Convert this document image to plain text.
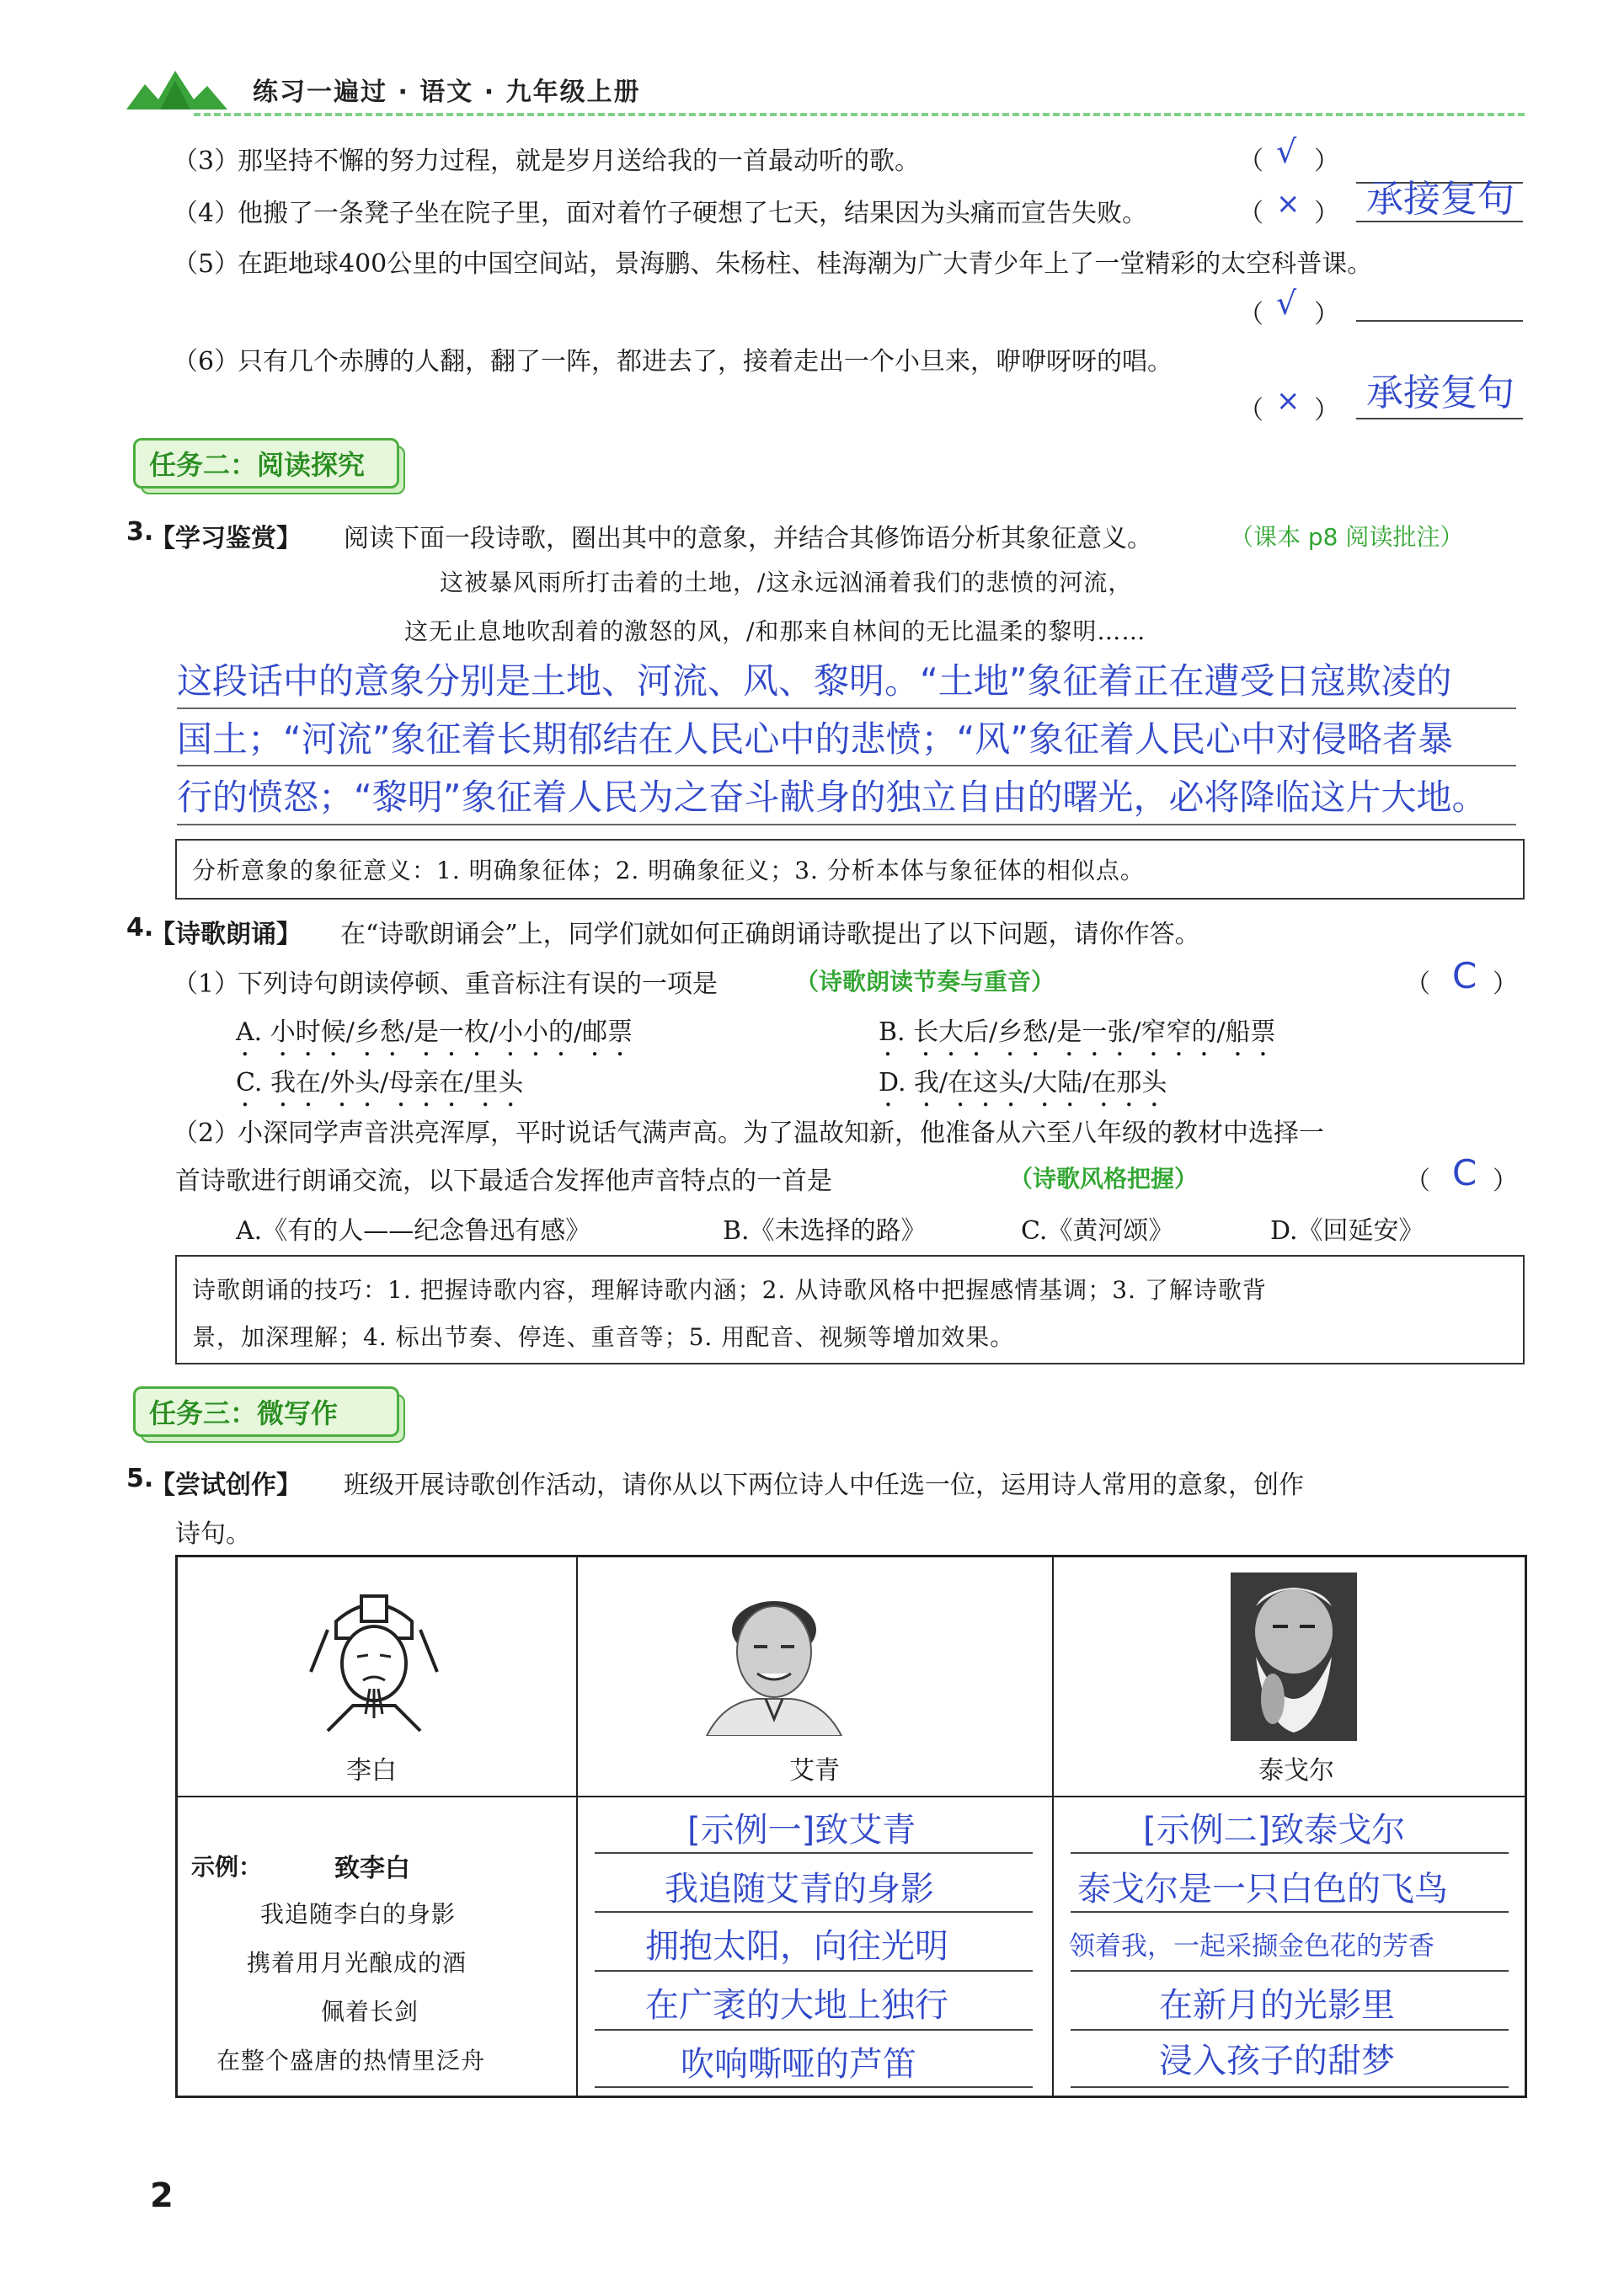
练习一遍过 · 语文 · 九年级上册
（3）
那坚持不懈的努力过程，就是岁月送给我的一首最动听的歌。	（ √ ）
（4）
他搬了一条凳子坐在院子里，面对着竹子硬想了七天，结果因为头痛而宣告失败。	（ × ） 承接复句
（5）
在距地球400公里的中国空间站，景海鹏、朱杨柱、桂海潮为广大青少年上了一堂精彩的太空科普课。
（ √ ）
（6）
只有几个赤膊的人翻，翻了一阵，都进去了，接着走出一个小旦来，咿咿呀呀的唱。
（ × ） 承接复句
任务二：阅读探究
3.
【学习鉴赏】 阅读下面一段诗歌，圈出其中的意象，并结合其修饰语分析其象征意义。	（课本 p8 阅读批注）
这被暴风雨所打击着的土地，/这永远汹涌着我们的悲愤的河流，
这无止息地吹刮着的激怒的风，/和那来自林间的无比温柔的黎明……
这段话中的意象分别是土地、河流、风、黎明。“土地”象征着正在遭受日寇欺凌的
国土；“河流”象征着长期郁结在人民心中的悲愤；“风”象征着人民心中对侵略者暴
行的愤怒；“黎明”象征着人民为之奋斗献身的独立自由的曙光，必将降临这片大地。
分析意象的象征意义：1. 明确象征体；2. 明确象征义；3. 分析本体与象征体的相似点。
4.
【诗歌朗诵】 在“诗歌朗诵会”上，同学们就如何正确朗诵诗歌提出了以下问题，请你作答。
（1）
下列诗句朗读停顿、重音标注有误的一项是	（诗歌朗读节奏与重音）	（ C ）
A. 小时候/乡愁/是一枚/小小的/邮票	B. 长大后/乡愁/是一张/窄窄的/船票
C. 我在/外头/母亲在/里头	D. 我/在这头/大陆/在那头
（2）
小深同学声音洪亮浑厚，平时说话气满声高。为了温故知新，他准备从六至八年级的教材中选择一
首诗歌进行朗诵交流，以下最适合发挥他声音特点的一首是	（诗歌风格把握）	（ C ）
A.《有的人——纪念鲁迅有感》	B.《未选择的路》	C.《黄河颂》	D.《回延安》
诗歌朗诵的技巧：1. 把握诗歌内容，理解诗歌内涵；2. 从诗歌风格中把握感情基调；3. 了解诗歌背
景，加深理解；4. 标出节奏、停连、重音等；5. 用配音、视频等增加效果。
任务三：微写作
5.
【尝试创作】 班级开展诗歌创作活动，请你从以下两位诗人中任选一位，运用诗人常用的意象，创作
诗句。
李白	艾青	泰戈尔
示例：	致李白
我追随李白的身影
携着用月光酿成的酒
佩着长剑
在整个盛唐的热情里泛舟
[示例一]致艾青
我追随艾青的身影
拥抱太阳，向往光明
在广袤的大地上独行
吹响嘶哑的芦笛
[示例二]致泰戈尔
泰戈尔是一只白色的飞鸟
领着我，一起采撷金色花的芳香
在新月的光影里
浸入孩子的甜梦
2
